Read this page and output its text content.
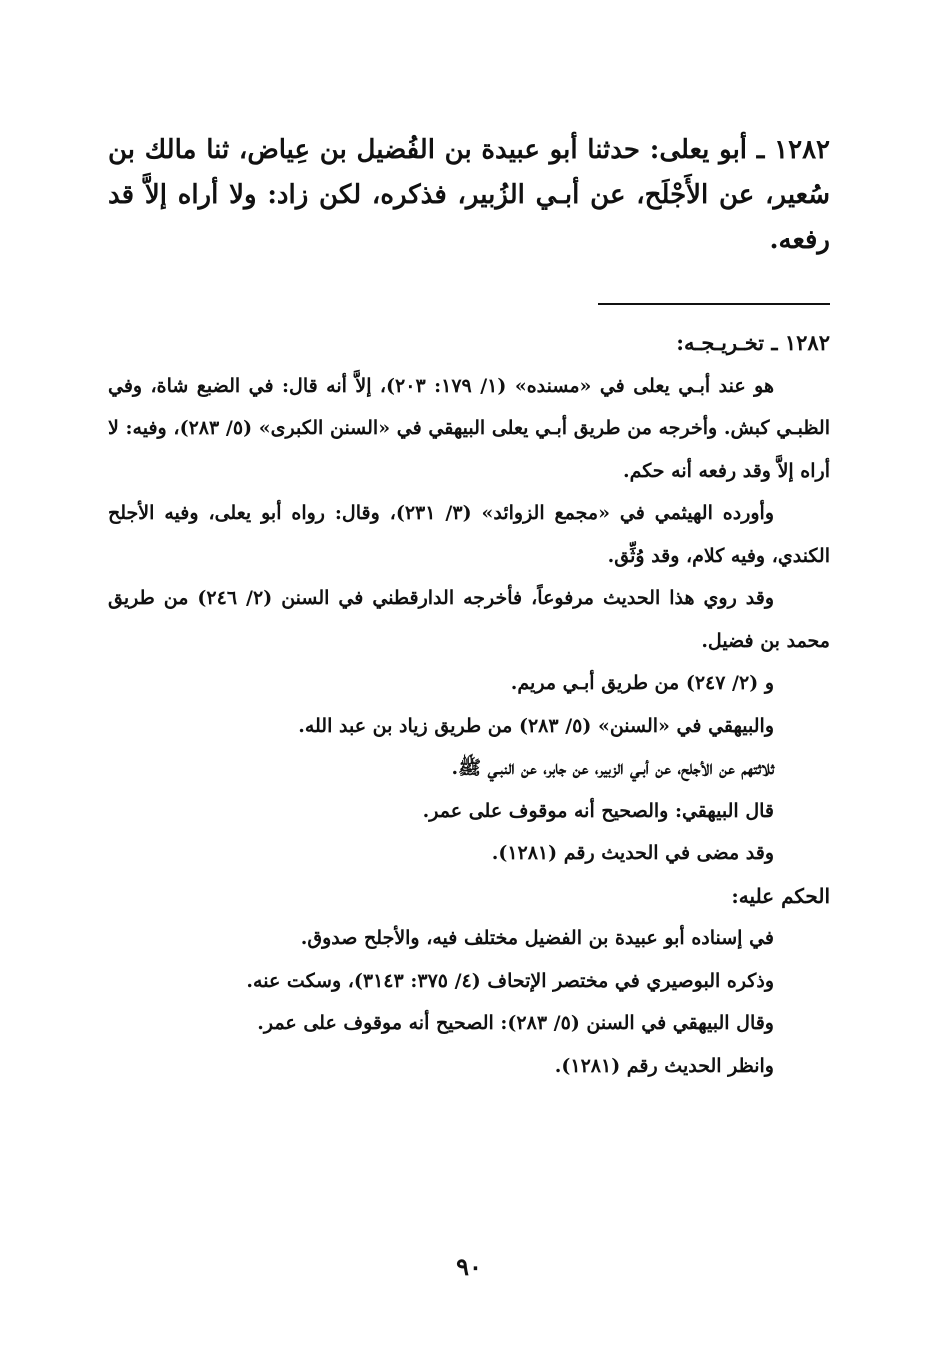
١٢٨٢ ـ أبو يعلى: حدثنا أبو عبيدة بن الفُضيل بن عِياض، ثنا مالك بن سُعير، عن الأَجْلَح، عن أبـي الزُبير، فذكره، لكن زاد: ولا أراه إلاَّ قد رفعه.

١٢٨٢ ـ تخـريـجـه:

هو عند أبـي يعلى في «مسنده» (١/ ١٧٩: ٢٠٣)، إلاَّ أنه قال: في الضبع شاة، وفي الظبـي كبش. وأخرجه من طريق أبـي يعلى البيهقي في «السنن الكبرى» (٥/ ٢٨٣)، وفيه: لا أراه إلاَّ وقد رفعه أنه حكم.

وأورده الهيثمي في «مجمع الزوائد» (٣/ ٢٣١)، وقال: رواه أبو يعلى، وفيه الأجلح الكندي، وفيه كلام، وقد وُثِّق.

وقد روي هذا الحديث مرفوعاً، فأخرجه الدارقطني في السنن (٢/ ٢٤٦) من طريق محمد بن فضيل.

و (٢/ ٢٤٧) من طريق أبـي مريم.

والبيهقي في «السنن» (٥/ ٢٨٣) من طريق زياد بن عبد الله.

ثلاثتهم عن الأجلح، عن أبـي الزبير، عن جابر، عن النبـي ﷺ.

قال البيهقي: والصحيح أنه موقوف على عمر.

وقد مضى في الحديث رقم (١٢٨١).

الحكم عليه:

في إسناده أبو عبيدة بن الفضيل مختلف فيه، والأجلح صدوق.

وذكره البوصيري في مختصر الإتحاف (٤/ ٣٧٥: ٣١٤٣)، وسكت عنه.

وقال البيهقي في السنن (٥/ ٢٨٣): الصحيح أنه موقوف على عمر.

وانظر الحديث رقم (١٢٨١).

٩٠
